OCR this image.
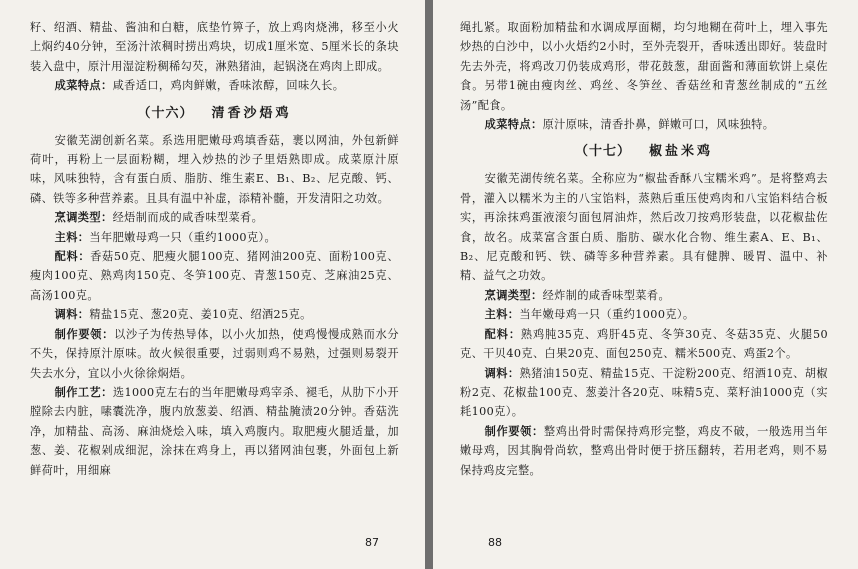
籽、绍酒、精盐、酱油和白糖，底垫竹箅子，放上鸡肉烧沸，移至小火上焖约40分钟，至汤汁浓稠时捞出鸡块，切成1厘米宽、5厘米长的条块装入盘中，原汁用湿淀粉稠稀勾芡，淋熟猪油，起锅浇在鸡肉上即成。

成菜特点：咸香适口，鸡肉鲜嫩，香味浓醇，回味久长。

（十六） 清香沙焐鸡

安徽芜湖创新名菜。系选用肥嫩母鸡填香菇，裹以网油，外包新鲜荷叶，再粉上一层面粉糊，埋入炒热的沙子里焐熟即成。成菜原汁原味，风味独特，含有蛋白质、脂肪、维生素E、B₁、B₂、尼克酸、钙、磷、铁等多种营养素。且具有温中补虚，添精补髓，开发清阳之功效。

烹调类型：经焐制而成的咸香味型菜肴。

主料：当年肥嫩母鸡一只（重约1000克）。

配料：香菇50克、肥瘦火腿100克、猪网油200克、面粉100克、瘦肉100克、熟鸡肉150克、冬笋100克、青葱150克、芝麻油25克、高汤100克。

调料：精盐15克、葱20克、姜10克、绍酒25克。

制作要领：以沙子为传热导体，以小火加热，使鸡慢慢成熟而水分不失，保持原汁原味。故火候很重要，过弱则鸡不易熟，过强则易裂开失去水分，宜以小火徐徐焖焐。

制作工艺：选1000克左右的当年肥嫩母鸡宰杀、褪毛，从肋下小开膛除去内脏，嗉囊洗净，腹内放葱姜、绍酒、精盐腌渍20分钟。香菇洗净，加精盐、高汤、麻油烧烩入味，填入鸡腹内。取肥瘦火腿适量，加葱、姜、花椒剁成细泥，涂抹在鸡身上，再以猪网油包裹，外面包上新鲜荷叶，用细麻

87

绳扎紧。取面粉加精盐和水调成厚面糊，均匀地糊在荷叶上，埋入事先炒热的白沙中，以小火焐约2小时，至外壳裂开，香味透出即好。装盘时先去外壳，将鸡改刀仍装成鸡形，带花鼓葱，甜面酱和薄面软饼上桌佐食。另带1碗由瘦肉丝、鸡丝、冬笋丝、香菇丝和青葱丝制成的“五丝汤”配食。

成菜特点：原汁原味，清香扑鼻，鲜嫩可口，风味独特。

（十七） 椒盐米鸡

安徽芜湖传统名菜。全称应为“椒盐香酥八宝糯米鸡”。是将整鸡去骨，灌入以糯米为主的八宝馅料，蒸熟后重压使鸡肉和八宝馅料结合板实，再涂抹鸡蛋液滚匀面包屑油炸，然后改刀按鸡形装盘，以花椒盐佐食，故名。成菜富含蛋白质、脂肪、碳水化合物、维生素A、E、B₁、B₂、尼克酸和钙、铁、磷等多种营养素。具有健脾、暖胃、温中、补精、益气之功效。

烹调类型：经炸制的咸香味型菜肴。

主料：当年嫩母鸡一只（重约1000克）。

配料：熟鸡肫35克、鸡肝45克、冬笋30克、冬菇35克、火腿50克、干贝40克、白果20克、面包250克、糯米500克、鸡蛋2个。

调料：熟猪油150克、精盐15克、干淀粉200克、绍酒10克、胡椒粉2克、花椒盐100克、葱姜汁各20克、味精5克、菜籽油1000克（实耗100克）。

制作要领：整鸡出骨时需保持鸡形完整，鸡皮不破，一般选用当年嫩母鸡，因其胸骨尚软，整鸡出骨时便于挤压翻转，若用老鸡，则不易保持鸡皮完整。

88
